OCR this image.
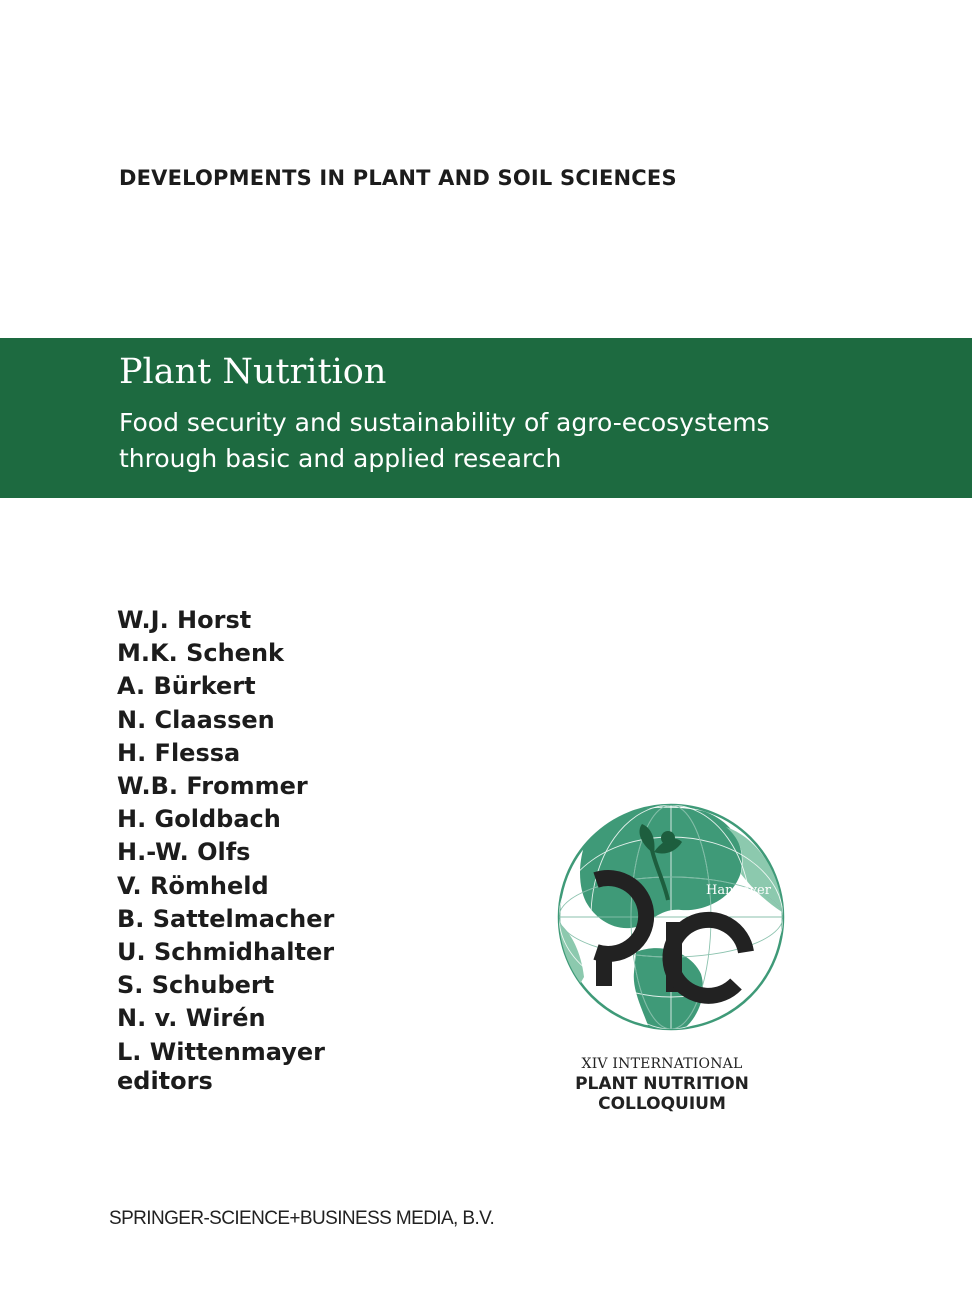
DEVELOPMENTS IN PLANT AND SOIL SCIENCES
Plant Nutrition
Food security and sustainability of agro-ecosystems
through basic and applied research
W.J. Horst
M.K. Schenk
A. Bürkert
N. Claassen
H. Flessa
W.B. Frommer
H. Goldbach
H.-W. Olfs
V. Römheld
B. Sattelmacher
U. Schmidhalter
S. Schubert
N. v. Wirén
L. Wittenmayer
editors
Hannover
2001
XIV INTERNATIONAL
PLANT NUTRITION COLLOQUIUM
SPRINGER-SCIENCE+BUSINESS MEDIA, B.V.
